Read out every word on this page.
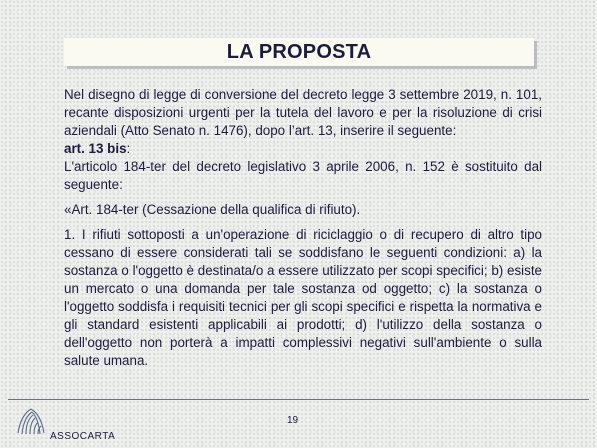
LA PROPOSTA

Nel disegno di legge di conversione del decreto legge 3 settembre 2019, n. 101, recante disposizioni urgenti per la tutela del lavoro e per la risoluzione di crisi aziendali (Atto Senato n. 1476), dopo l’art. 13, inserire il seguente:

art. 13 bis:

L'articolo 184-ter del decreto legislativo 3 aprile 2006, n. 152 è sostituito dal seguente:

«Art. 184-ter (Cessazione della qualifica di rifiuto).

1. I rifiuti sottoposti a un'operazione di riciclaggio o di recupero di altro tipo cessano di essere considerati tali se soddisfano le seguenti condizioni: a) la sostanza o l'oggetto è destinata/o a essere utilizzato per scopi specifici; b) esiste un mercato o una domanda per tale sostanza od oggetto; c) la sostanza o l'oggetto soddisfa i requisiti tecnici per gli scopi specifici e rispetta la normativa e gli standard esistenti applicabili ai prodotti; d) l'utilizzo della sostanza o dell'oggetto non porterà a impatti complessivi negativi sull'ambiente o sulla salute umana.

ASSOCARTA
19
